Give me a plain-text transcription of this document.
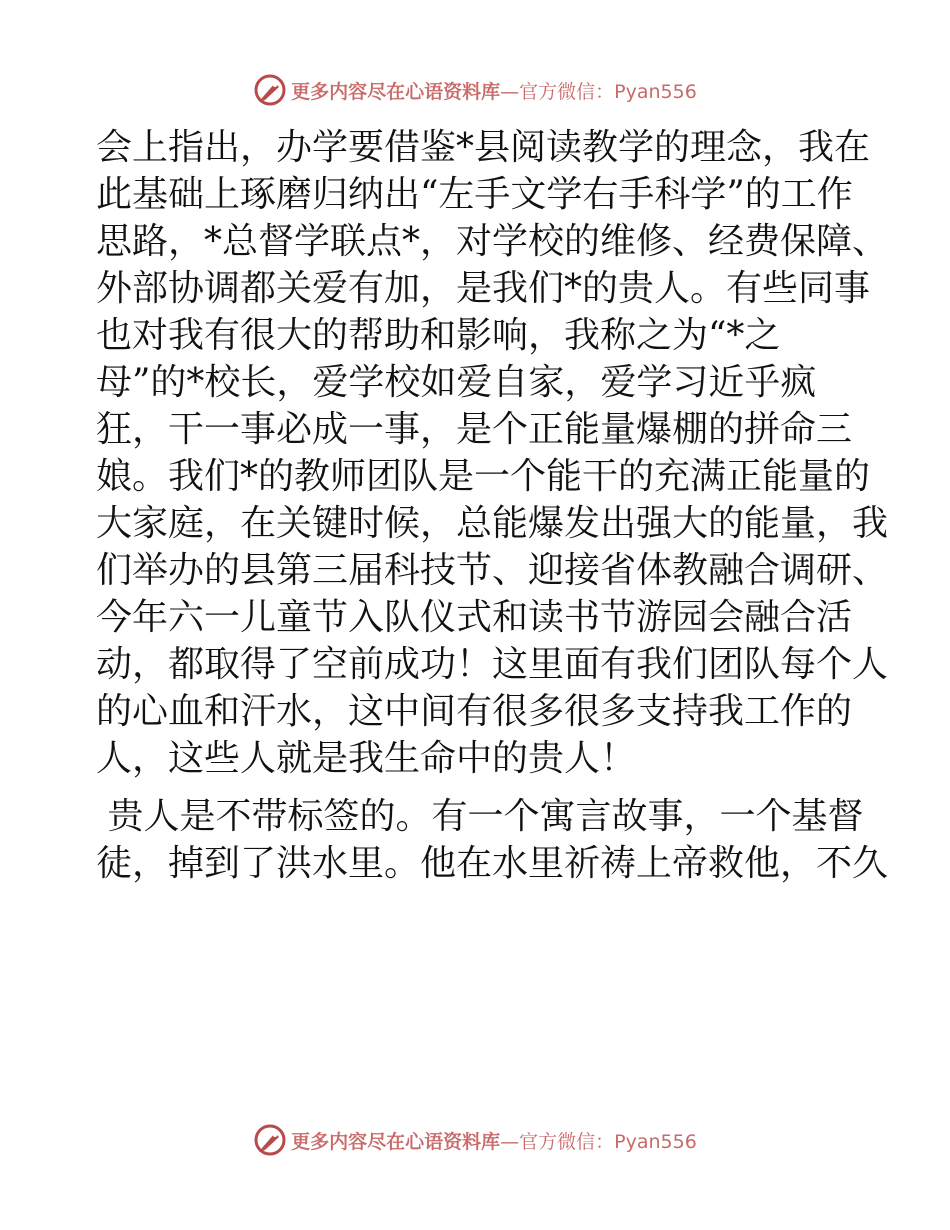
更多内容尽在心语资料库—官方微信：Pyan556
会上指出，办学要借鉴*县阅读教学的理念，我在
此基础上琢磨归纳出“左手文学右手科学”的工作
思路，*总督学联点*，对学校的维修、经费保障、
外部协调都关爱有加，是我们*的贵人。有些同事
也对我有很大的帮助和影响，我称之为“*之
母”的*校长，爱学校如爱自家，爱学习近乎疯
狂，干一事必成一事，是个正能量爆棚的拼命三
娘。我们*的教师团队是一个能干的充满正能量的
大家庭，在关键时候，总能爆发出强大的能量，我
们举办的县第三届科技节、迎接省体教融合调研、
今年六一儿童节入队仪式和读书节游园会融合活
动，都取得了空前成功！这里面有我们团队每个人
的心血和汗水，这中间有很多很多支持我工作的
人，这些人就是我生命中的贵人！
贵人是不带标签的。有一个寓言故事，一个基督
徒，掉到了洪水里。他在水里祈祷上帝救他，不久
更多内容尽在心语资料库—官方微信：Pyan556
